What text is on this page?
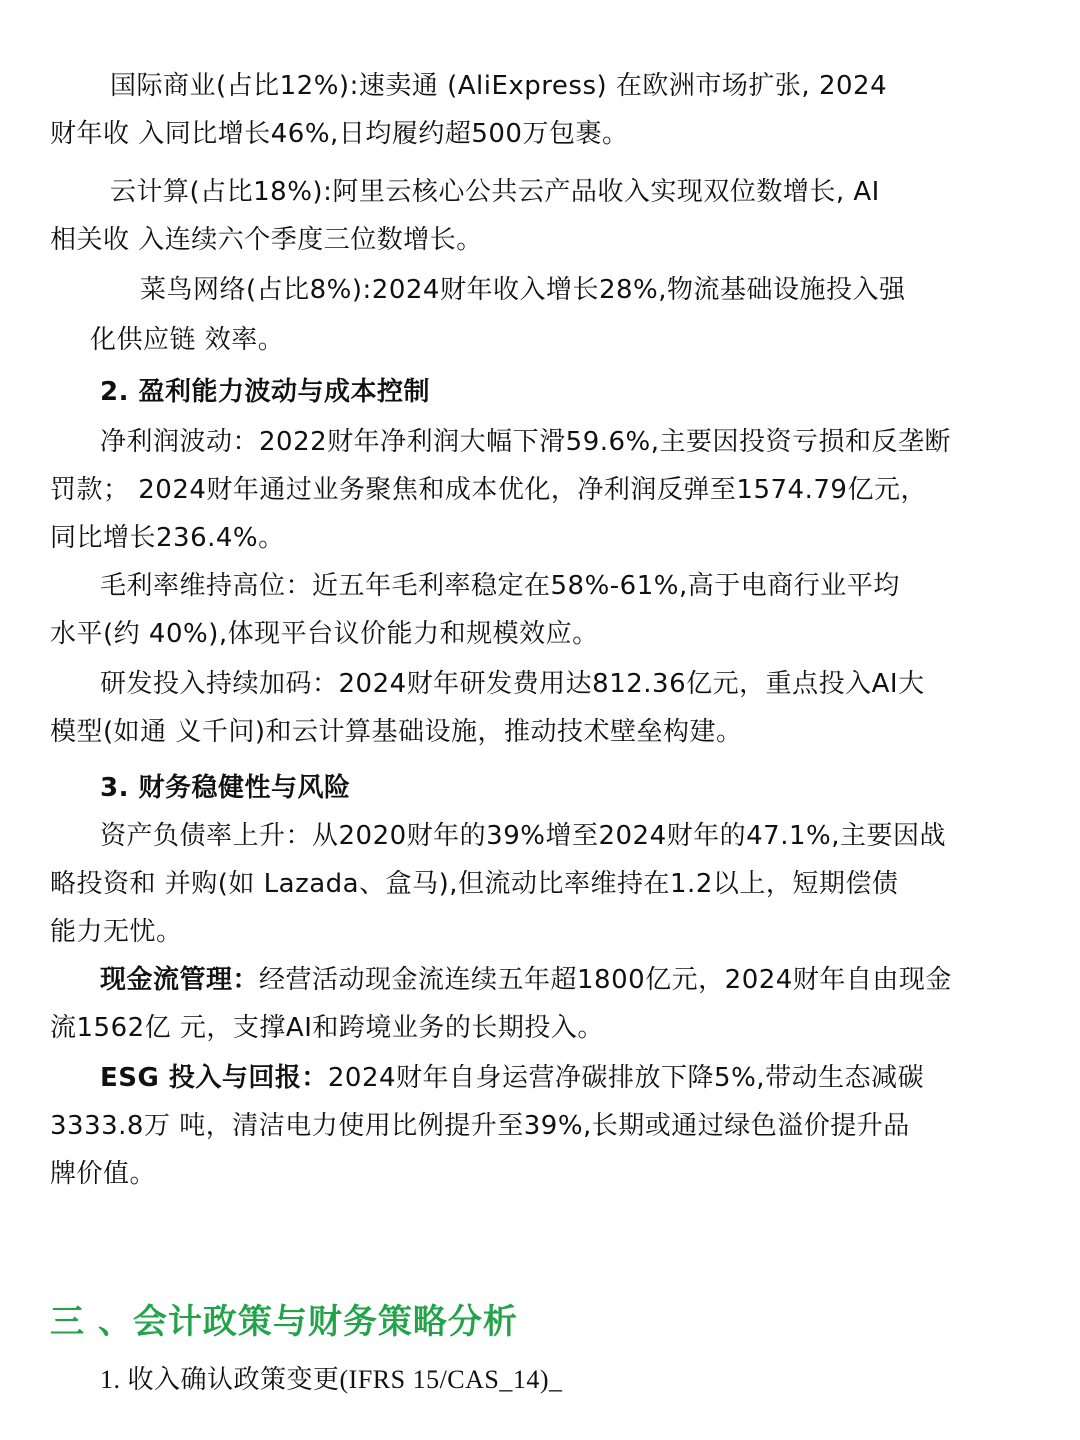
国际商业(占比12%):速卖通 (AliExpress) 在欧洲市场扩张, 2024
财年收 入同比增长46%,日均履约超500万包裹。
云计算(占比18%):阿里云核心公共云产品收入实现双位数增长, AI
相关收 入连续六个季度三位数增长。
菜鸟网络(占比8%):2024财年收入增长28%,物流基础设施投入强
化供应链 效率。
2. 盈利能力波动与成本控制
净利润波动：2022财年净利润大幅下滑59.6%,主要因投资亏损和反垄断
罚款； 2024财年通过业务聚焦和成本优化，净利润反弹至1574.79亿元，
同比增长236.4%。
毛利率维持高位：近五年毛利率稳定在58%-61%,高于电商行业平均
水平(约 40%),体现平台议价能力和规模效应。
研发投入持续加码：2024财年研发费用达812.36亿元，重点投入AI大
模型(如通 义千问)和云计算基础设施，推动技术壁垒构建。
3. 财务稳健性与风险
资产负债率上升：从2020财年的39%增至2024财年的47.1%,主要因战
略投资和 并购(如 Lazada、盒马),但流动比率维持在1.2以上，短期偿债
能力无忧。
现金流管理：经营活动现金流连续五年超1800亿元，2024财年自由现金
流1562亿 元，支撑AI和跨境业务的长期投入。
ESG 投入与回报：2024财年自身运营净碳排放下降5%,带动生态减碳
3333.8万 吨，清洁电力使用比例提升至39%,长期或通过绿色溢价提升品
牌价值。
三 、会计政策与财务策略分析
1. 收入确认政策变更(IFRS 15/CAS_14)_
